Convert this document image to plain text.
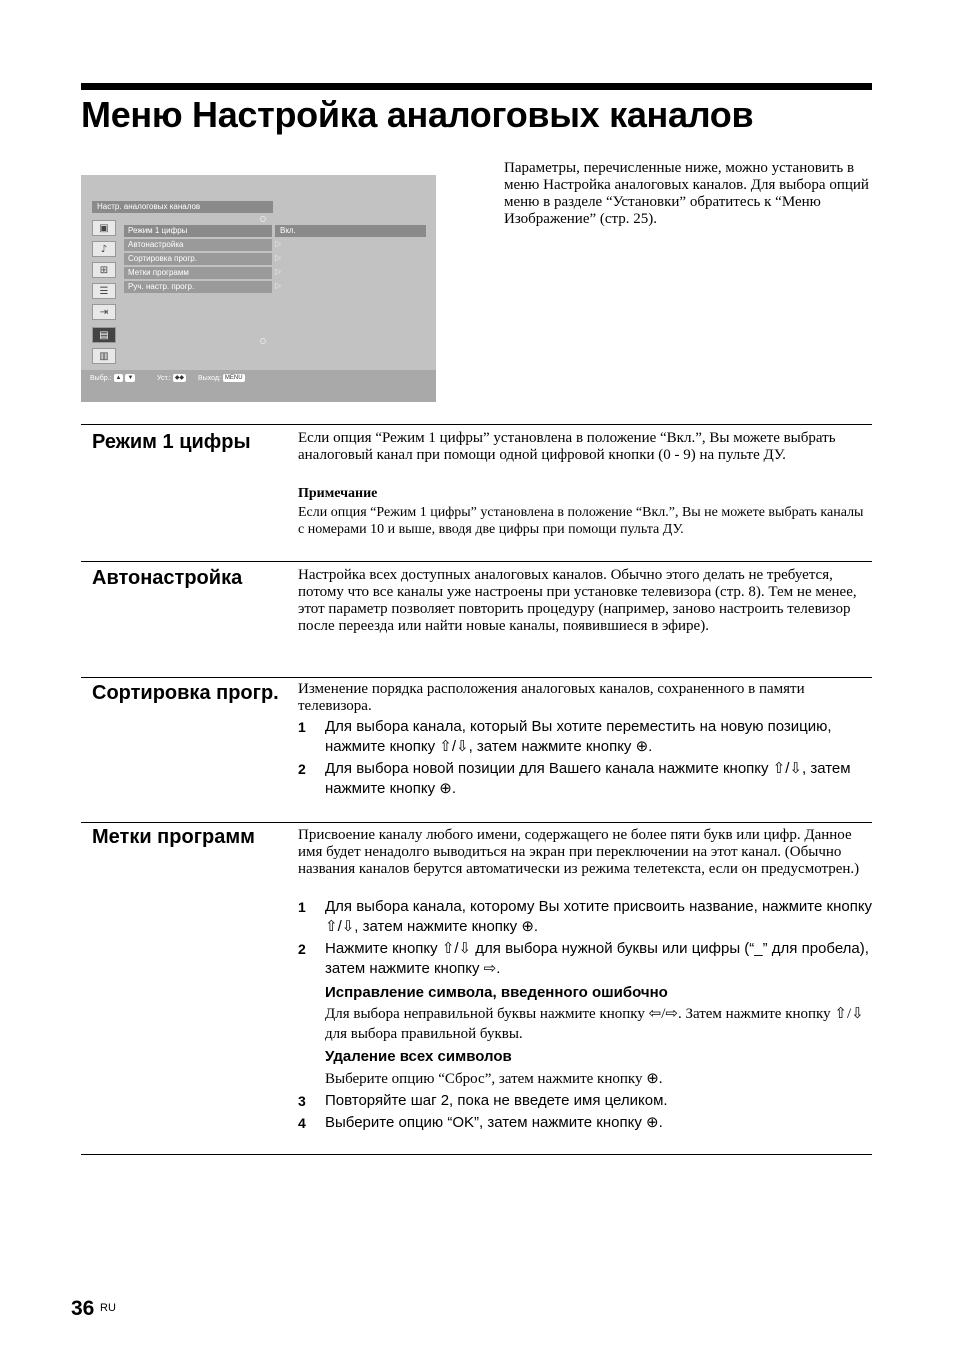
Меню Настройка аналоговых каналов
Настр. аналоговых каналов
▣
♪
⊞
☰
⇥
▤
▥
Режим 1 цифры
Автонастройка
Сортировка прогр.
Метки программ
Руч. настр. прогр.
Вкл.
▷
▷
▷
▷
Выбр.: ▲ ▼	Уст.: ◆◆ Выход: MENU

Параметры, перечисленные ниже, можно установить в меню Настройка аналоговых каналов. Для выбора опций меню в разделе “Установки” обратитесь к “Меню Изображение” (стр. 25).

Режим 1 цифры	Если опция “Режим 1 цифры” установлена в положение “Вкл.”, Вы можете выбрать аналоговый канал при помощи одной цифровой кнопки (0 - 9) на пульте ДУ.

Примечание

Если опция “Режим 1 цифры” установлена в положение “Вкл.”, Вы не можете выбрать каналы с номерами 10 и выше, вводя две цифры при помощи пульта ДУ.

Автонастройка	Настройка всех доступных аналоговых каналов. Обычно этого делать не требуется, потому что все каналы уже настроены при установке телевизора (стр. 8). Тем не менее, этот параметр позволяет повторить процедуру (например, заново настроить телевизор после переезда или найти новые каналы, появившиеся в эфире).

Сортировка прогр.	Изменение порядка расположения аналоговых каналов, сохраненного в памяти телевизора.

1	Для выбора канала, который Вы хотите переместить на новую позицию, нажмите кнопку ⇧/⇩, затем нажмите кнопку ⊕.
2	Для выбора новой позиции для Вашего канала нажмите кнопку ⇧/⇩, затем нажмите кнопку ⊕.
Метки программ	Присвоение каналу любого имени, содержащего не более пяти букв или цифр. Данное имя будет ненадолго выводиться на экран при переключении на этот канал. (Обычно названия каналов берутся автоматически из режима телетекста, если он предусмотрен.)

1	Для выбора канала, которому Вы хотите присвоить название, нажмите кнопку ⇧/⇩, затем нажмите кнопку ⊕.
2	Нажмите кнопку ⇧/⇩ для выбора нужной буквы или цифры (“_” для пробела), затем нажмите кнопку ⇨.

Исправление символа, введенного ошибочно

Для выбора неправильной буквы нажмите кнопку ⇦/⇨. Затем нажмите кнопку ⇧/⇩ для выбора правильной буквы.

Удаление всех символов

Выберите опцию “Сброс”, затем нажмите кнопку ⊕.

3	Повторяйте шаг 2, пока не введете имя целиком.
4	Выберите опцию “OK”, затем нажмите кнопку ⊕.
36 RU
